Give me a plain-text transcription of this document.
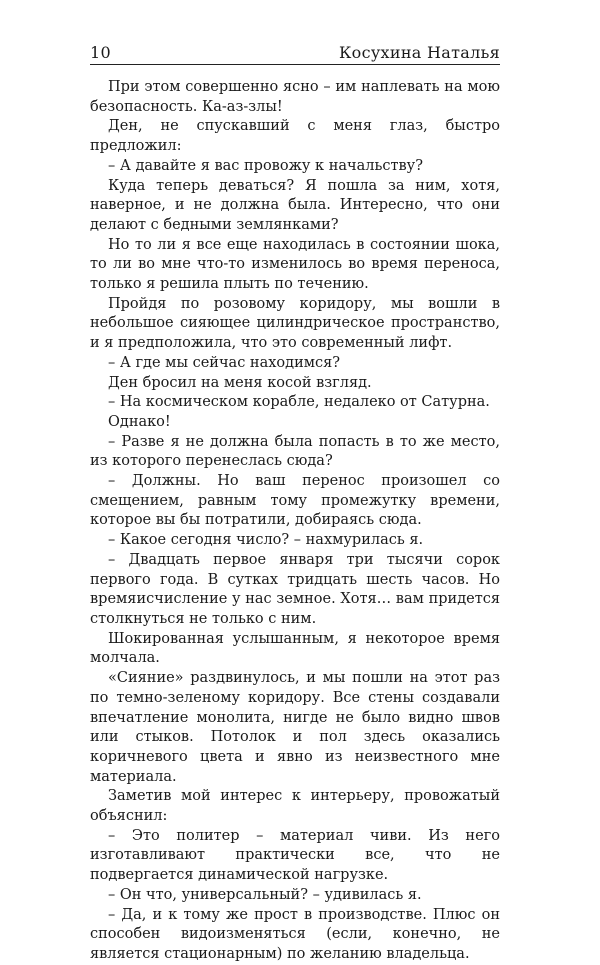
10	Косухина Наталья

При этом совершенно ясно – им наплевать на мою безопасность. Ка-аз-злы!

Ден, не спускавший с меня глаз, быстро предложил:

– А давайте я вас провожу к начальству?

Куда теперь деваться? Я пошла за ним, хотя, наверное, и не должна была. Интересно, что они делают с бедными землянками?

Но то ли я все еще находилась в состоянии шока, то ли во мне что-то изменилось во время переноса, только я решила плыть по течению.

Пройдя по розовому коридору, мы вошли в небольшое сияющее цилиндрическое пространство, и я предположила, что это современный лифт.

– А где мы сейчас находимся?

Ден бросил на меня косой взгляд.

– На космическом корабле, недалеко от Сатурна.

Однако!

– Разве я не должна была попасть в то же место, из которого перенеслась сюда?

– Должны. Но ваш перенос произошел со смещением, равным тому промежутку времени, которое вы бы потратили, добираясь сюда.

– Какое сегодня число? – нахмурилась я.

– Двадцать первое января три тысячи сорок первого года. В сутках тридцать шесть часов. Но времяисчисление у нас земное. Хотя… вам придется столкнуться не только с ним.

Шокированная услышанным, я некоторое время молчала.

«Сияние» раздвинулось, и мы пошли на этот раз по темно-зеленому коридору. Все стены создавали впечатление монолита, нигде не было видно швов или стыков. Потолок и пол здесь оказались коричневого цвета и явно из неизвестного мне материала.

Заметив мой интерес к интерьеру, провожатый объяснил:

– Это политер – материал чиви. Из него изготавливают практически все, что не подвергается динамической нагрузке.

– Он что, универсальный? – удивилась я.

– Да, и к тому же прост в производстве. Плюс он способен видоизменяться (если, конечно, не является стационарным) по желанию владельца.
